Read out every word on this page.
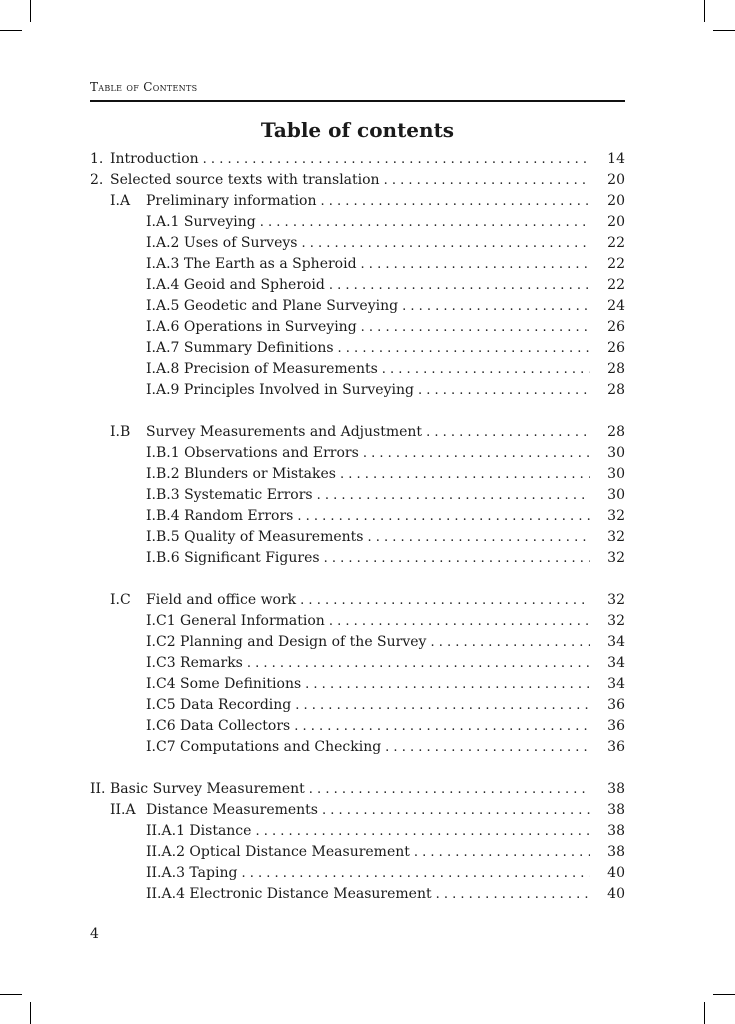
Table of Contents
Table of contents
1. Introduction . . .	14
2. Selected source texts with translation . . .	20
I.A Preliminary information . . .	20
I.A.1 Surveying . . .	20
I.A.2 Uses of Surveys . . .	22
I.A.3 The Earth as a Spheroid . . .	22
I.A.4 Geoid and Spheroid . . .	22
I.A.5 Geodetic and Plane Surveying . . .	24
I.A.6 Operations in Surveying . . .	26
I.A.7 Summary Definitions . . .	26
I.A.8 Precision of Measurements . . .	28
I.A.9 Principles Involved in Surveying . . .	28
I.B Survey Measurements and Adjustment . . .	28
I.B.1 Observations and Errors . . .	30
I.B.2 Blunders or Mistakes . . .	30
I.B.3 Systematic Errors . . .	30
I.B.4 Random Errors . . .	32
I.B.5 Quality of Measurements . . .	32
I.B.6 Significant Figures . . .	32
I.C Field and office work . . .	32
I.C1 General Information . . .	32
I.C2 Planning and Design of the Survey . . .	34
I.C3 Remarks . . .	34
I.C4 Some Definitions . . .	34
I.C5 Data Recording . . .	36
I.C6 Data Collectors . . .	36
I.C7 Computations and Checking . . .	36
II. Basic Survey Measurement . . .	38
II.A Distance Measurements . . .	38
II.A.1 Distance . . .	38
II.A.2 Optical Distance Measurement . . .	38
II.A.3 Taping . . .	40
II.A.4 Electronic Distance Measurement . . .	40
4
